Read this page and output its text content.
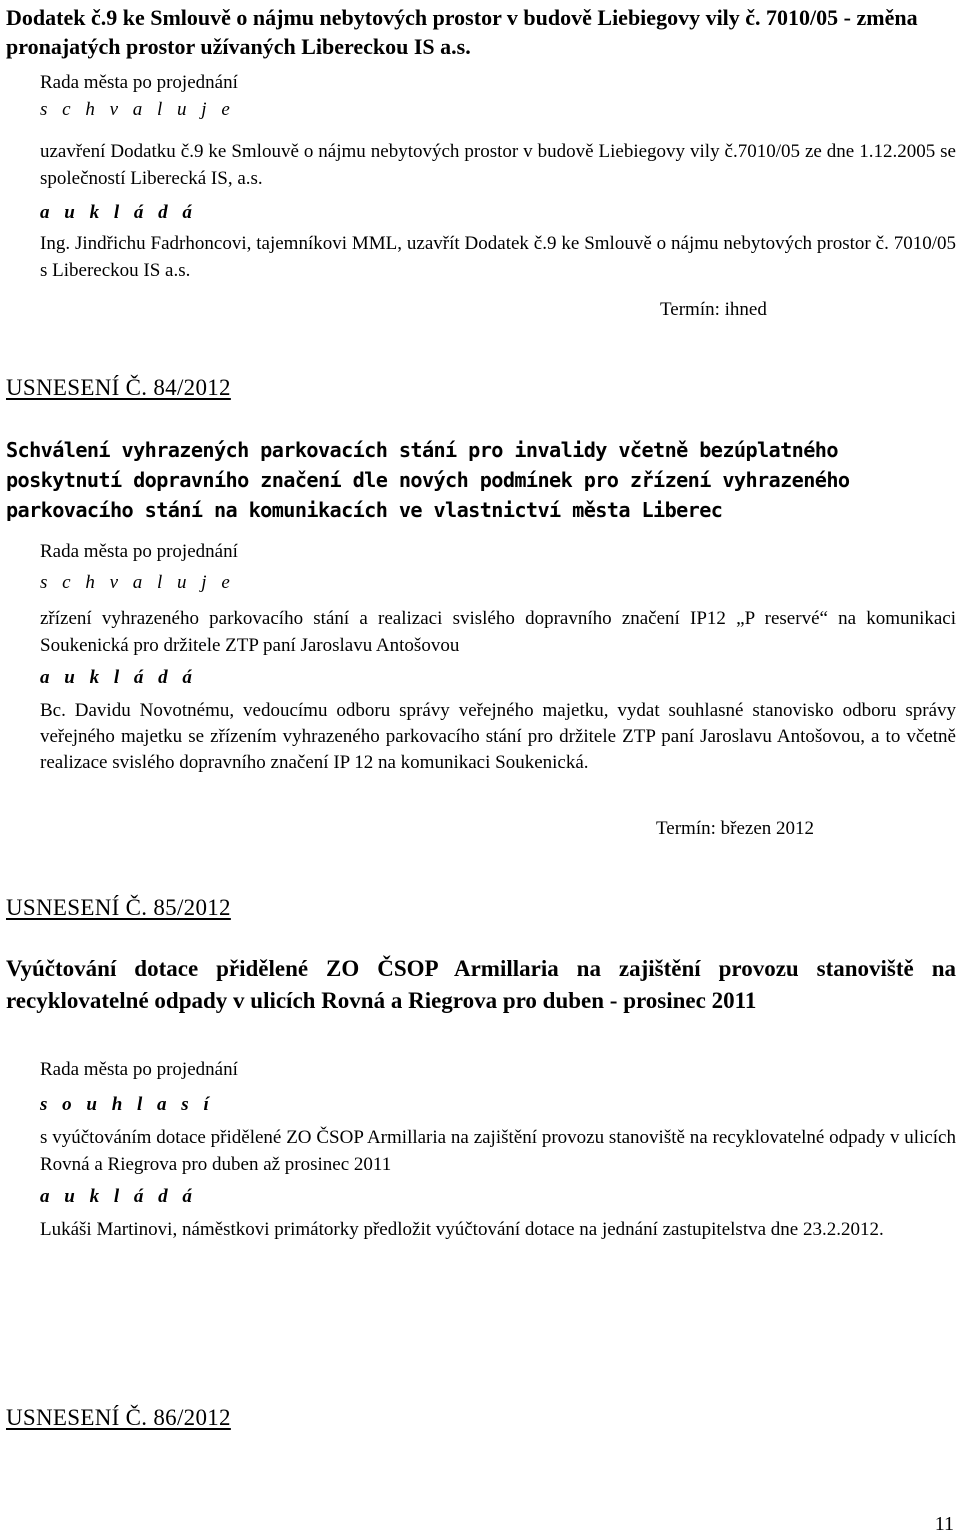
Dodatek č.9 ke Smlouvě o nájmu nebytových prostor v budově Liebiegovy vily č. 7010/05 - změna pronajatých prostor užívaných Libereckou IS a.s.

Rada města po projednání

s c h v a l u j e

uzavření Dodatku č.9 ke Smlouvě o nájmu nebytových prostor v budově Liebiegovy vily č.7010/05 ze dne 1.12.2005 se společností Liberecká IS, a.s.

a u k l á d á

Ing. Jindřichu Fadrhoncovi, tajemníkovi MML, uzavřít Dodatek č.9 ke Smlouvě o nájmu nebytových prostor č. 7010/05 s Libereckou IS a.s.

Termín: ihned

USNESENÍ Č. 84/2012

Schválení vyhrazených parkovacích stání pro invalidy včetně bezúplatného poskytnutí dopravního značení dle nových podmínek pro zřízení vyhrazeného parkovacího stání na komunikacích ve vlastnictví města Liberec

Rada města po projednání

s c h v a l u j e

zřízení vyhrazeného parkovacího stání a realizaci svislého dopravního značení IP12 „P reservé“ na komunikaci Soukenická pro držitele ZTP paní Jaroslavu Antošovou

a u k l á d á

Bc. Davidu Novotnému, vedoucímu odboru správy veřejného majetku, vydat souhlasné stanovisko odboru správy veřejného majetku se zřízením vyhrazeného parkovacího stání pro držitele ZTP paní Jaroslavu Antošovou, a to včetně realizace svislého dopravního značení IP 12 na komunikaci Soukenická.

Termín: březen 2012

USNESENÍ Č. 85/2012

Vyúčtování dotace přidělené ZO ČSOP Armillaria na zajištění provozu stanoviště na recyklovatelné odpady v ulicích Rovná a Riegrova pro duben - prosinec 2011

Rada města po projednání

s o u h l a s í

s vyúčtováním dotace přidělené ZO ČSOP Armillaria na zajištění provozu stanoviště na recyklovatelné odpady v ulicích Rovná a Riegrova pro duben až prosinec 2011

a u k l á d á

Lukáši Martinovi, náměstkovi primátorky předložit vyúčtování dotace na jednání zastupitelstva dne 23.2.2012.

USNESENÍ Č. 86/2012

11
